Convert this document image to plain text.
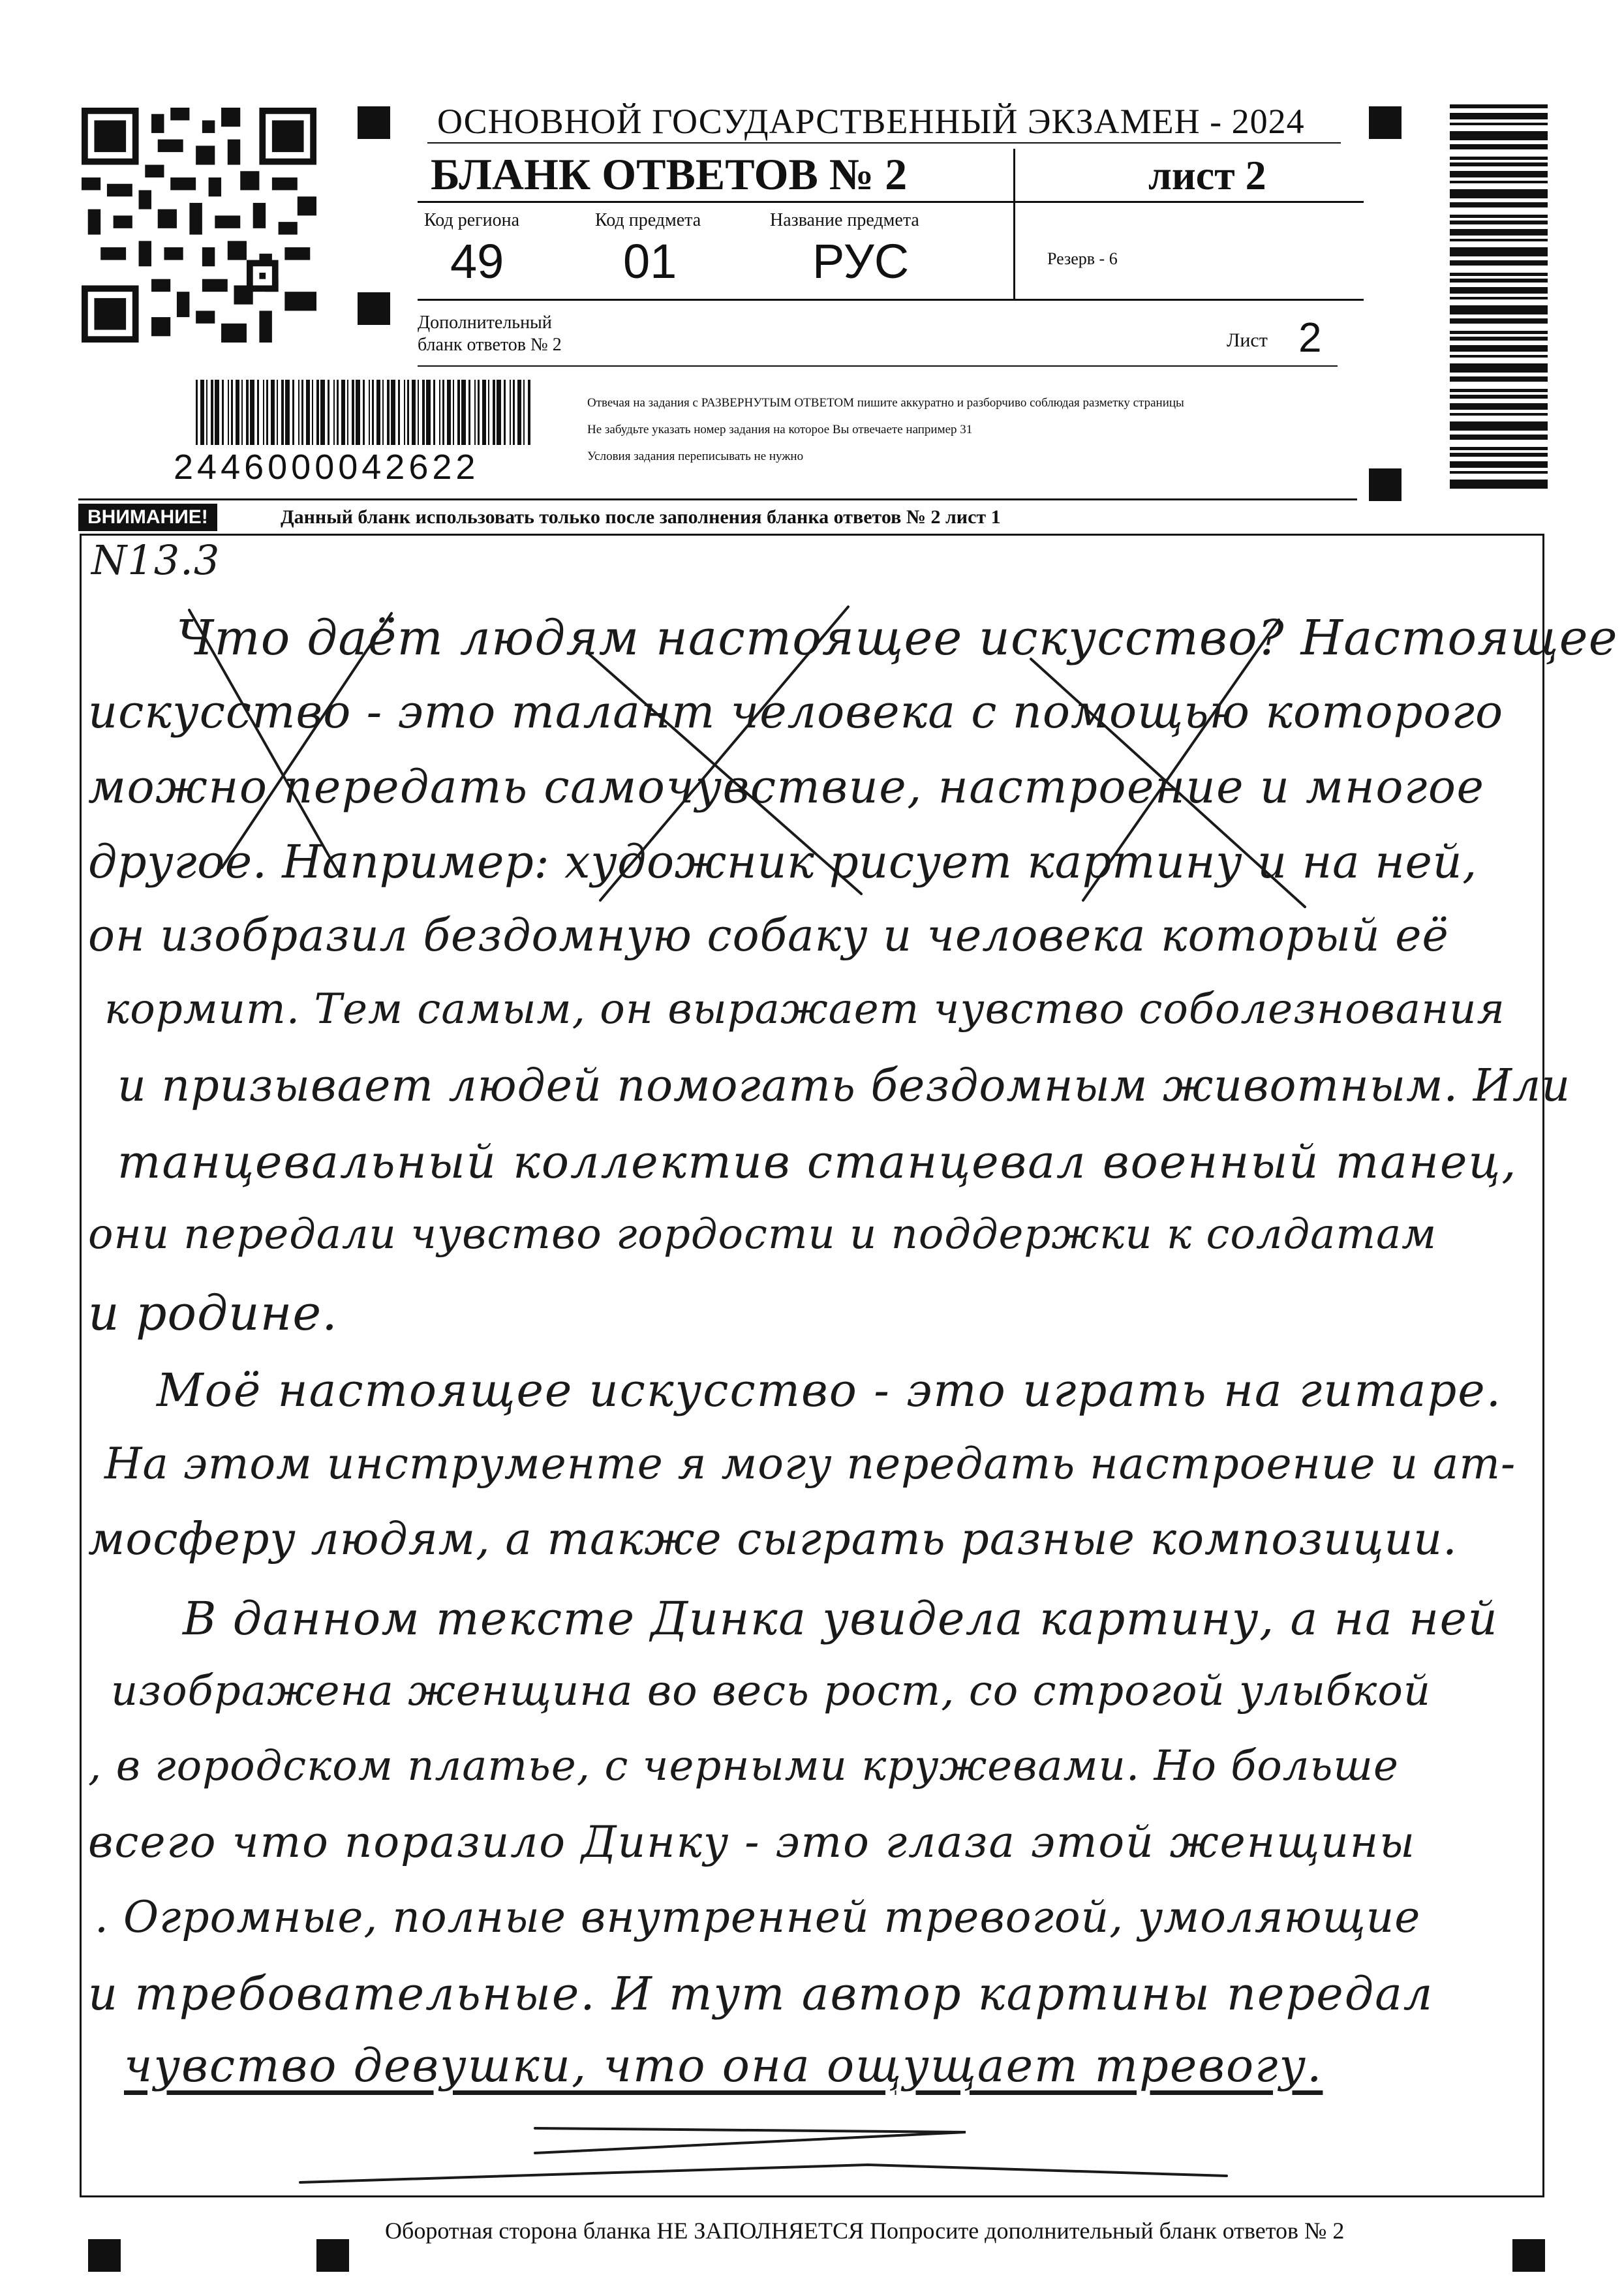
ОСНОВНОЙ ГОСУДАРСТВЕННЫЙ ЭКЗАМЕН - 2024
БЛАНК ОТВЕТОВ № 2	лист 2
Код региона
49
Код предмета
01
Название предмета
РУС	Резерв - 6
Дополнительный
бланк ответов № 2	Лист 2
2446000042622
Отвечая на задания с РАЗВЕРНУТЫМ ОТВЕТОМ пишите аккуратно и разборчиво соблюдая разметку страницы
Не забудьте указать номер задания на которое Вы отвечаете например 31
Условия задания переписывать не нужно
ВНИМАНИЕ!	Данный бланк использовать только после заполнения бланка ответов № 2 лист 1
N13.3
Что даёт людям настоящее искусство? Настоящее
искусство - это талант человека с помощью которого
можно передать самочувствие, настроение и многое
другое. Например: художник рисует картину и на ней,
он изобразил бездомную собаку и человека который её
кормит. Тем самым, он выражает чувство соболезнования
и призывает людей помогать бездомным животным. Или
танцевальный коллектив станцевал военный танец,
они передали чувство гордости и поддержки к солдатам
и родине.
Моё настоящее искусство - это играть на гитаре.
На этом инструменте я могу передать настроение и ат-
мосферу людям, а также сыграть разные композиции.
В данном тексте Динка увидела картину, а на ней
изображена женщина во весь рост, со строгой улыбкой
, в городском платье, с черными кружевами. Но больше
всего что поразило Динку - это глаза этой женщины
. Огромные, полные внутренней тревогой, умоляющие
и требовательные. И тут автор картины передал
чувство девушки, что она ощущает тревогу.
Оборотная сторона бланка НЕ ЗАПОЛНЯЕТСЯ Попросите дополнительный бланк ответов № 2
